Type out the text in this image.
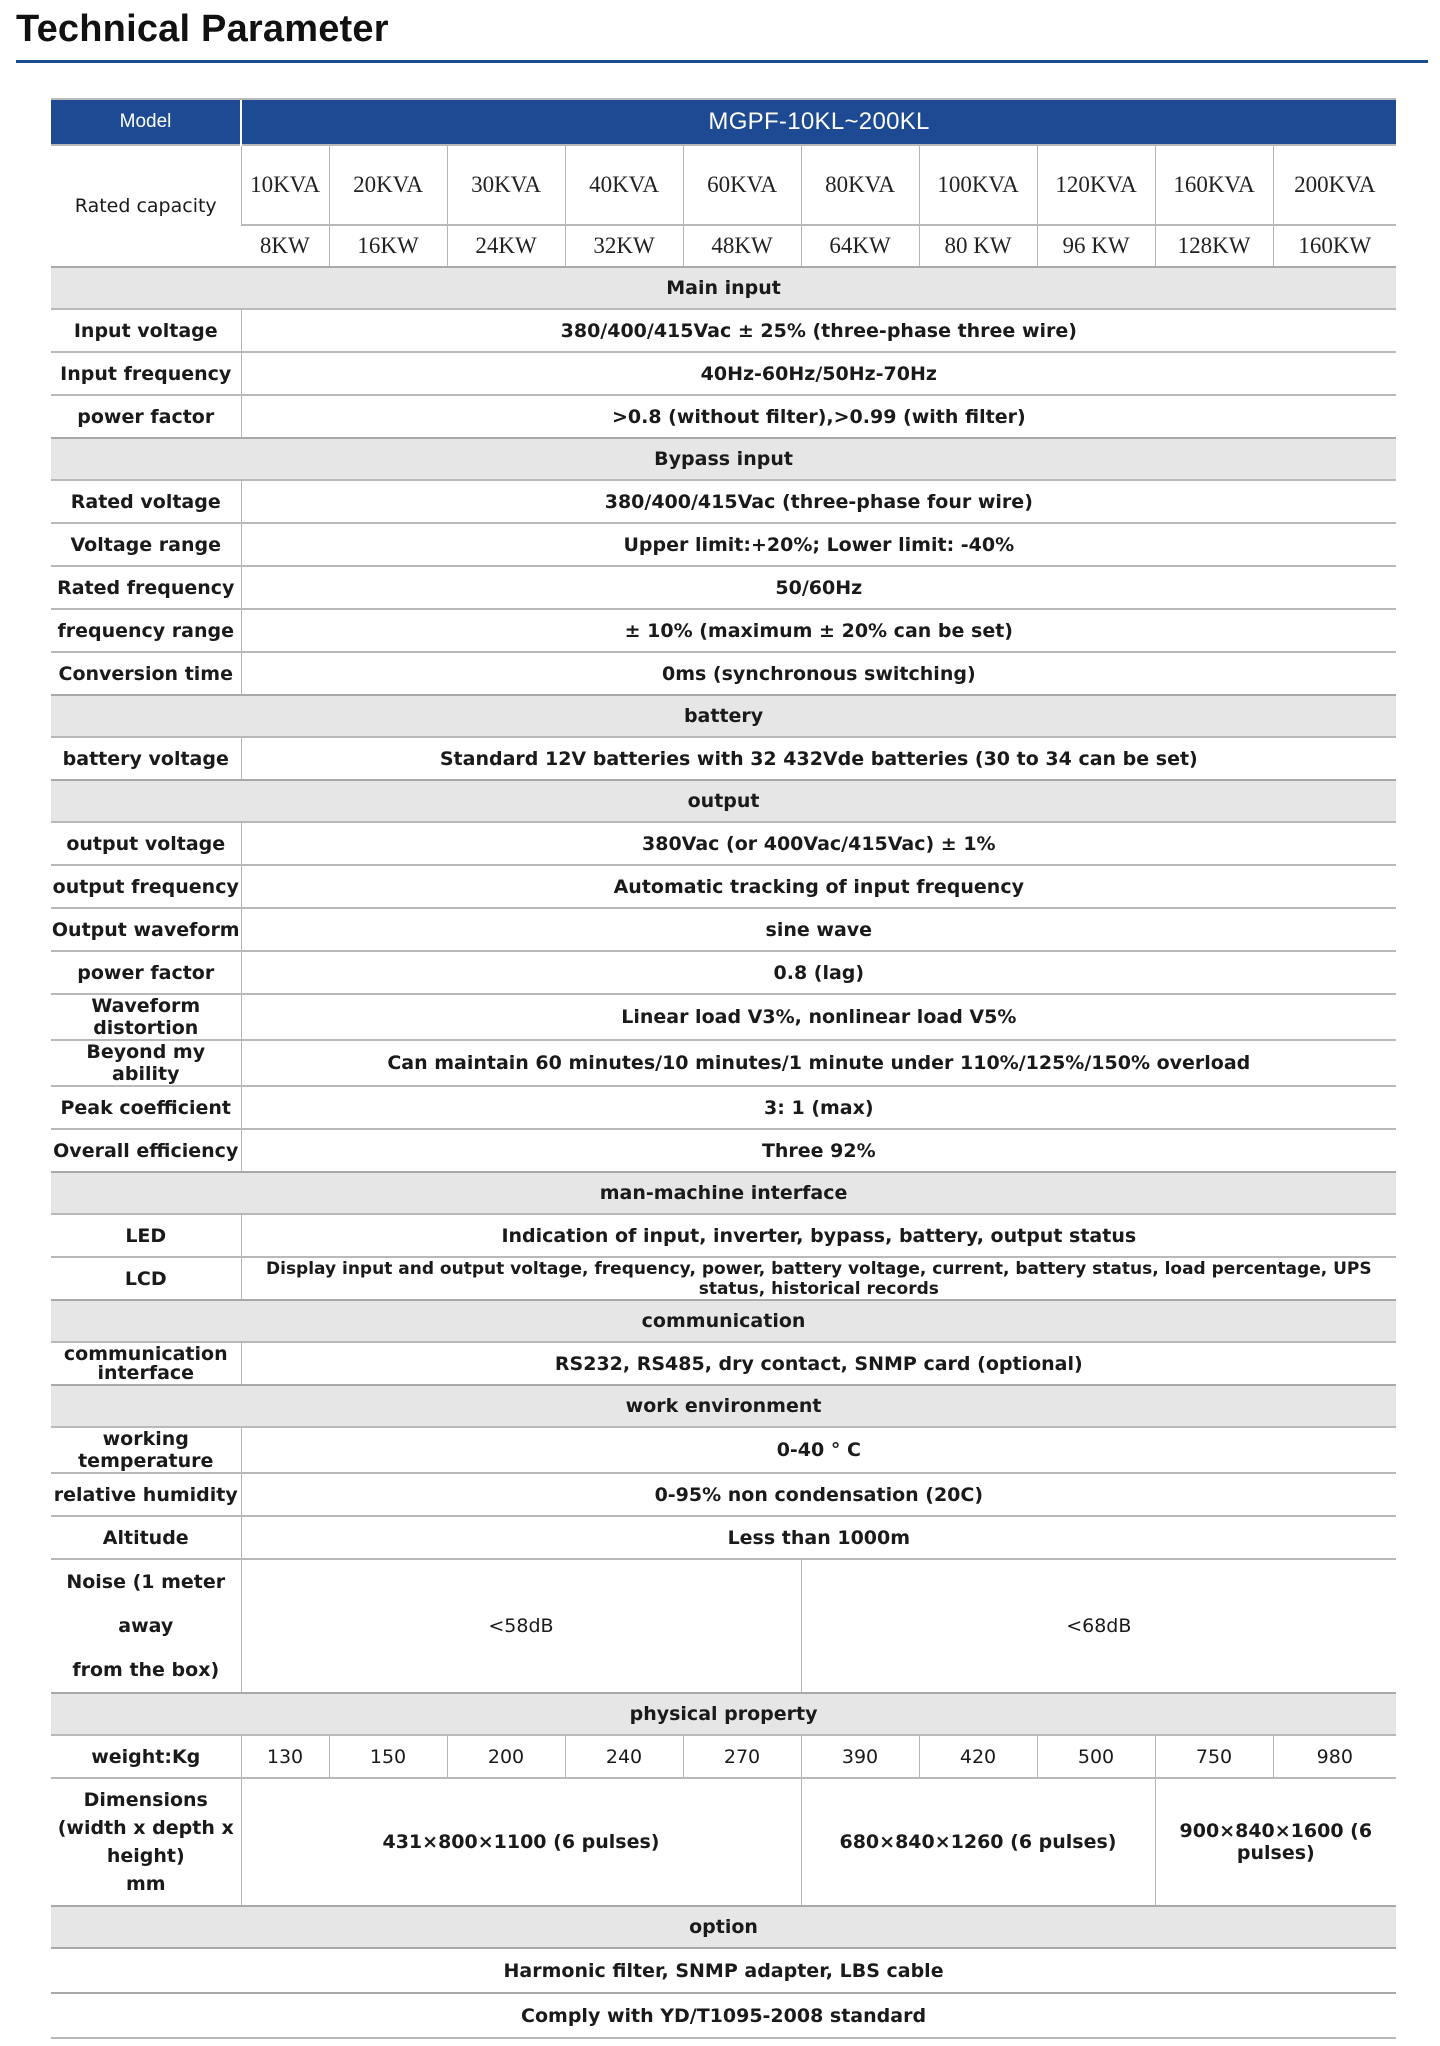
Technical Parameter
Model	MGPF-10KL~200KL									
Rated capacity	10KVA	20KVA	30KVA	40KVA	60KVA	80KVA	100KVA	120KVA	160KVA	200KVA
	8KW	16KW	24KW	32KW	48KW	64KW	80 KW	96 KW	128KW	160KW
Main input										
Input voltage	380/400/415Vac ± 25% (three-phase three wire)									
Input frequency	40Hz-60Hz/50Hz-70Hz									
power factor	>0.8 (without filter),>0.99 (with filter)									
Bypass input										
Rated voltage	380/400/415Vac (three-phase four wire)									
Voltage range	Upper limit:+20%; Lower limit: -40%									
Rated frequency	50/60Hz									
frequency range	± 10% (maximum ± 20% can be set)									
Conversion time	0ms (synchronous switching)									
battery										
battery voltage	Standard 12V batteries with 32 432Vde batteries (30 to 34 can be set)									
output										
output voltage	380Vac (or 400Vac/415Vac) ± 1%									
output frequency	Automatic tracking of input frequency									
Output waveform	sine wave									
power factor	0.8 (lag)									
Waveform distortion	Linear load V3%, nonlinear load V5%									
Beyond my ability	Can maintain 60 minutes/10 minutes/1 minute under 110%/125%/150% overload									
Peak coefficient	3: 1 (max)									
Overall efficiency	Three 92%									
man-machine interface										
LED	Indication of input, inverter, bypass, battery, output status									
LCD	Display input and output voltage, frequency, power, battery voltage, current, battery status, load percentage, UPS status, historical records									
communication										

communication
interface	RS232, RS485, dry contact, SNMP card (optional)									
work environment										
working temperature	0-40 ° C									
relative humidity	0-95% non condensation (20C)									
Altitude	Less than 1000m									

Noise (1 meter away
from the box)	<58dB					<68dB				
physical property										
weight:Kg	130	150	200	240	270	390	420	500	750	980

Dimensions
(width x depth x height)
mm	431×800×1100 (6 pulses)					680×840×1260 (6 pulses)			900×840×1600 (6 pulses)	
option										
Harmonic filter, SNMP adapter, LBS cable										
Comply with YD/T1095-2008 standard										
